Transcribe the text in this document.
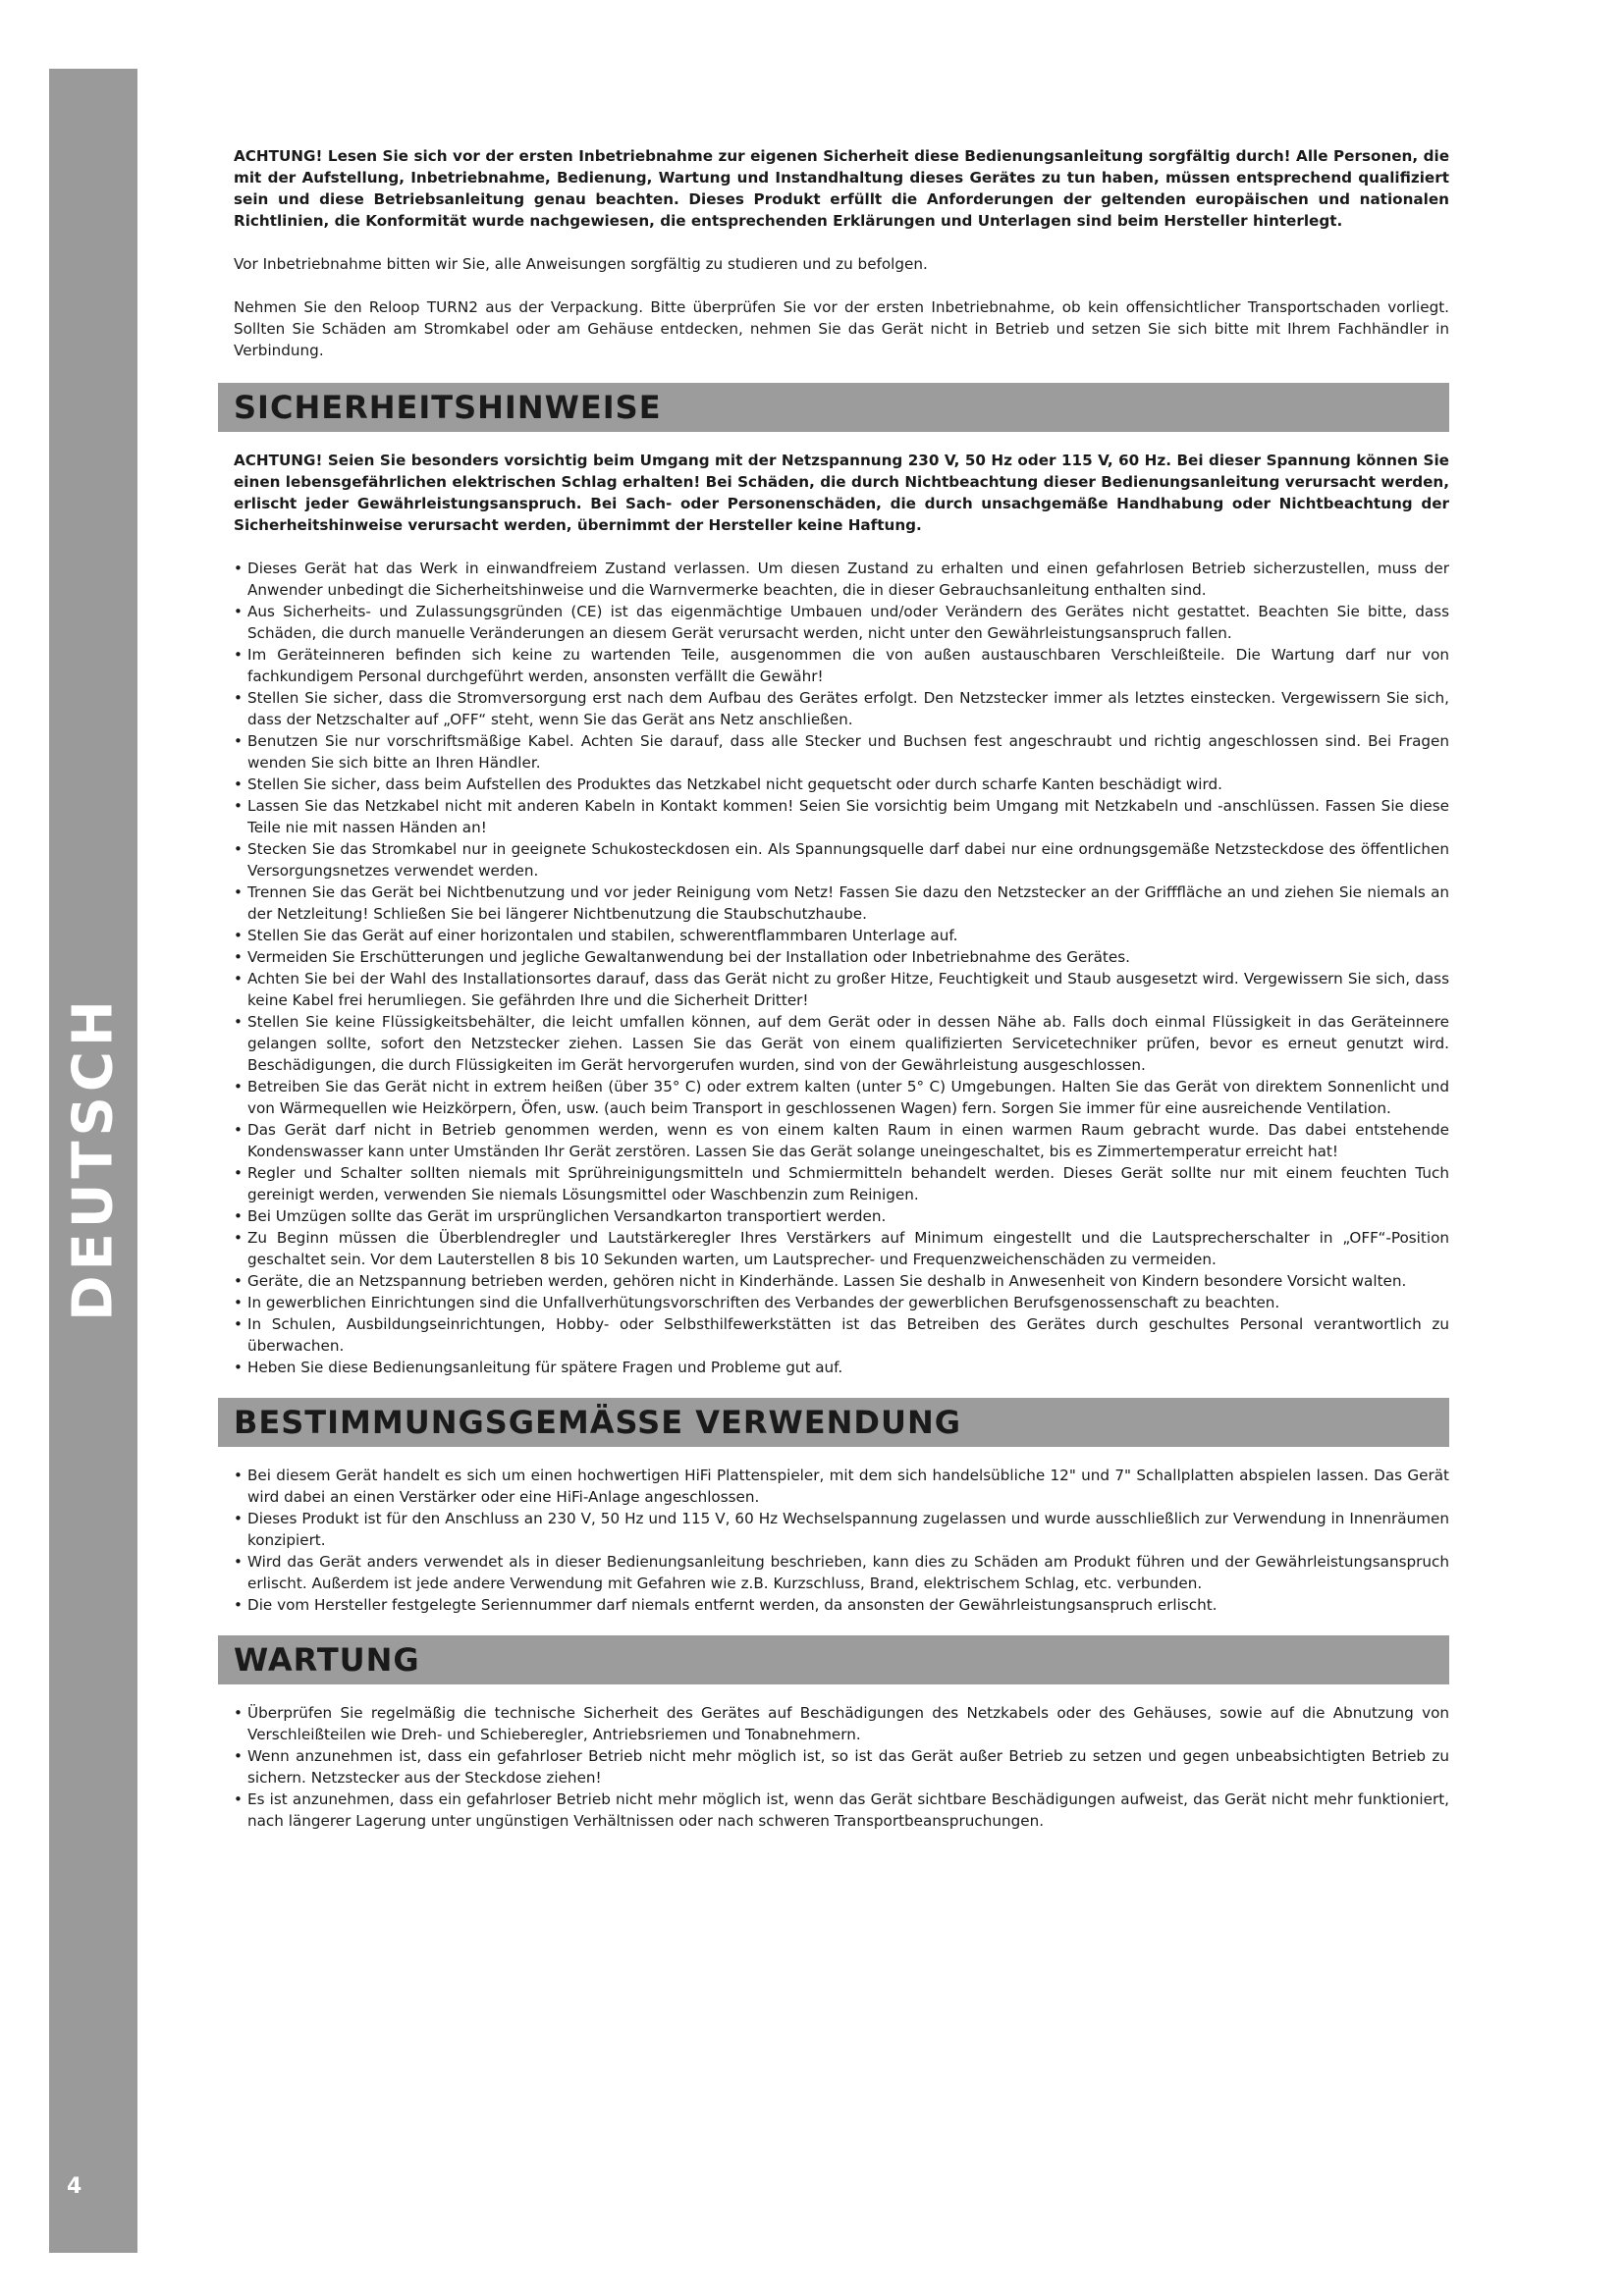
DEUTSCH
4

ACHTUNG! Lesen Sie sich vor der ersten Inbetriebnahme zur eigenen Sicherheit diese Bedienungsanleitung sorgfältig durch! Alle Personen, die mit der Aufstellung, Inbetriebnahme, Bedienung, Wartung und Instandhaltung dieses Gerätes zu tun haben, müssen entsprechend qualifiziert sein und diese Betriebsanleitung genau beachten. Dieses Produkt erfüllt die Anforderungen der geltenden europäischen und nationalen Richtlinien, die Konformität wurde nachgewiesen, die entsprechenden Erklärungen und Unterlagen sind beim Hersteller hinterlegt.

Vor Inbetriebnahme bitten wir Sie, alle Anweisungen sorgfältig zu studieren und zu befolgen.

Nehmen Sie den Reloop TURN2 aus der Verpackung. Bitte überprüfen Sie vor der ersten Inbetriebnahme, ob kein offensichtlicher Transportschaden vorliegt. Sollten Sie Schäden am Stromkabel oder am Gehäuse entdecken, nehmen Sie das Gerät nicht in Betrieb und setzen Sie sich bitte mit Ihrem Fachhändler in Verbindung.

SICHERHEITSHINWEISE

ACHTUNG! Seien Sie besonders vorsichtig beim Umgang mit der Netzspannung 230 V, 50 Hz oder 115 V, 60 Hz. Bei dieser Spannung können Sie einen lebensgefährlichen elektrischen Schlag erhalten! Bei Schäden, die durch Nichtbeachtung dieser Bedienungsanleitung verursacht werden, erlischt jeder Gewährleistungsanspruch. Bei Sach- oder Personenschäden, die durch unsachgemäße Handhabung oder Nichtbeachtung der Sicherheitshinweise verursacht werden, übernimmt der Hersteller keine Haftung.

• Dieses Gerät hat das Werk in einwandfreiem Zustand verlassen. Um diesen Zustand zu erhalten und einen gefahrlosen Betrieb sicherzustellen, muss der Anwender unbedingt die Sicherheitshinweise und die Warnvermerke beachten, die in dieser Gebrauchsanleitung enthalten sind.
• Aus Sicherheits- und Zulassungsgründen (CE) ist das eigenmächtige Umbauen und/oder Verändern des Gerätes nicht gestattet. Beachten Sie bitte, dass Schäden, die durch manuelle Veränderungen an diesem Gerät verursacht werden, nicht unter den Gewährleistungsanspruch fallen.
• Im Geräteinneren befinden sich keine zu wartenden Teile, ausgenommen die von außen austauschbaren Verschleißteile. Die Wartung darf nur von fachkundigem Personal durchgeführt werden, ansonsten verfällt die Gewähr!
• Stellen Sie sicher, dass die Stromversorgung erst nach dem Aufbau des Gerätes erfolgt. Den Netzstecker immer als letztes einstecken. Vergewissern Sie sich, dass der Netzschalter auf „OFF“ steht, wenn Sie das Gerät ans Netz anschließen.
• Benutzen Sie nur vorschriftsmäßige Kabel. Achten Sie darauf, dass alle Stecker und Buchsen fest angeschraubt und richtig angeschlossen sind. Bei Fragen wenden Sie sich bitte an Ihren Händler.
• Stellen Sie sicher, dass beim Aufstellen des Produktes das Netzkabel nicht gequetscht oder durch scharfe Kanten beschädigt wird.
• Lassen Sie das Netzkabel nicht mit anderen Kabeln in Kontakt kommen! Seien Sie vorsichtig beim Umgang mit Netzkabeln und -anschlüssen. Fassen Sie diese Teile nie mit nassen Händen an!
• Stecken Sie das Stromkabel nur in geeignete Schukosteckdosen ein. Als Spannungsquelle darf dabei nur eine ordnungsgemäße Netzsteckdose des öffentlichen Versorgungsnetzes verwendet werden.
• Trennen Sie das Gerät bei Nichtbenutzung und vor jeder Reinigung vom Netz! Fassen Sie dazu den Netzstecker an der Grifffläche an und ziehen Sie niemals an der Netzleitung! Schließen Sie bei längerer Nichtbenutzung die Staubschutzhaube.
• Stellen Sie das Gerät auf einer horizontalen und stabilen, schwerentflammbaren Unterlage auf.
• Vermeiden Sie Erschütterungen und jegliche Gewaltanwendung bei der Installation oder Inbetriebnahme des Gerätes.
• Achten Sie bei der Wahl des Installationsortes darauf, dass das Gerät nicht zu großer Hitze, Feuchtigkeit und Staub ausgesetzt wird. Vergewissern Sie sich, dass keine Kabel frei herumliegen. Sie gefährden Ihre und die Sicherheit Dritter!
• Stellen Sie keine Flüssigkeitsbehälter, die leicht umfallen können, auf dem Gerät oder in dessen Nähe ab. Falls doch einmal Flüssigkeit in das Geräteinnere gelangen sollte, sofort den Netzstecker ziehen. Lassen Sie das Gerät von einem qualifizierten Servicetechniker prüfen, bevor es erneut genutzt wird. Beschädigungen, die durch Flüssigkeiten im Gerät hervorgerufen wurden, sind von der Gewährleistung ausgeschlossen.
• Betreiben Sie das Gerät nicht in extrem heißen (über 35° C) oder extrem kalten (unter 5° C) Umgebungen. Halten Sie das Gerät von direktem Sonnenlicht und von Wärmequellen wie Heizkörpern, Öfen, usw. (auch beim Transport in geschlossenen Wagen) fern. Sorgen Sie immer für eine ausreichende Ventilation.
• Das Gerät darf nicht in Betrieb genommen werden, wenn es von einem kalten Raum in einen warmen Raum gebracht wurde. Das dabei entstehende Kondenswasser kann unter Umständen Ihr Gerät zerstören. Lassen Sie das Gerät solange uneingeschaltet, bis es Zimmertemperatur erreicht hat!
• Regler und Schalter sollten niemals mit Sprühreinigungsmitteln und Schmiermitteln behandelt werden. Dieses Gerät sollte nur mit einem feuchten Tuch gereinigt werden, verwenden Sie niemals Lösungsmittel oder Waschbenzin zum Reinigen.
• Bei Umzügen sollte das Gerät im ursprünglichen Versandkarton transportiert werden.
• Zu Beginn müssen die Überblendregler und Lautstärkeregler Ihres Verstärkers auf Minimum eingestellt und die Lautsprecherschalter in „OFF“-Position geschaltet sein. Vor dem Lauterstellen 8 bis 10 Sekunden warten, um Lautsprecher- und Frequenzweichenschäden zu vermeiden.
• Geräte, die an Netzspannung betrieben werden, gehören nicht in Kinderhände. Lassen Sie deshalb in Anwesenheit von Kindern besondere Vorsicht walten.
• In gewerblichen Einrichtungen sind die Unfallverhütungsvorschriften des Verbandes der gewerblichen Berufsgenossenschaft zu beachten.
• In Schulen, Ausbildungseinrichtungen, Hobby- oder Selbsthilfewerkstätten ist das Betreiben des Gerätes durch geschultes Personal verantwortlich zu überwachen.
• Heben Sie diese Bedienungsanleitung für spätere Fragen und Probleme gut auf.
BESTIMMUNGSGEMÄSSE VERWENDUNG
• Bei diesem Gerät handelt es sich um einen hochwertigen HiFi Plattenspieler, mit dem sich handelsübliche 12" und 7" Schallplatten abspielen lassen. Das Gerät wird dabei an einen Verstärker oder eine HiFi-Anlage angeschlossen.
• Dieses Produkt ist für den Anschluss an 230 V, 50 Hz und 115 V, 60 Hz Wechselspannung zugelassen und wurde ausschließlich zur Verwendung in Innenräumen konzipiert.
• Wird das Gerät anders verwendet als in dieser Bedienungsanleitung beschrieben, kann dies zu Schäden am Produkt führen und der Gewährleistungsanspruch erlischt. Außerdem ist jede andere Verwendung mit Gefahren wie z.B. Kurzschluss, Brand, elektrischem Schlag, etc. verbunden.
• Die vom Hersteller festgelegte Seriennummer darf niemals entfernt werden, da ansonsten der Gewährleistungsanspruch erlischt.
WARTUNG
• Überprüfen Sie regelmäßig die technische Sicherheit des Gerätes auf Beschädigungen des Netzkabels oder des Gehäuses, sowie auf die Abnutzung von Verschleißteilen wie Dreh- und Schieberegler, Antriebsriemen und Tonabnehmern.
• Wenn anzunehmen ist, dass ein gefahrloser Betrieb nicht mehr möglich ist, so ist das Gerät außer Betrieb zu setzen und gegen unbeabsichtigten Betrieb zu sichern. Netzstecker aus der Steckdose ziehen!
• Es ist anzunehmen, dass ein gefahrloser Betrieb nicht mehr möglich ist, wenn das Gerät sichtbare Beschädigungen aufweist, das Gerät nicht mehr funktioniert, nach längerer Lagerung unter ungünstigen Verhältnissen oder nach schweren Transportbeanspruchungen.
